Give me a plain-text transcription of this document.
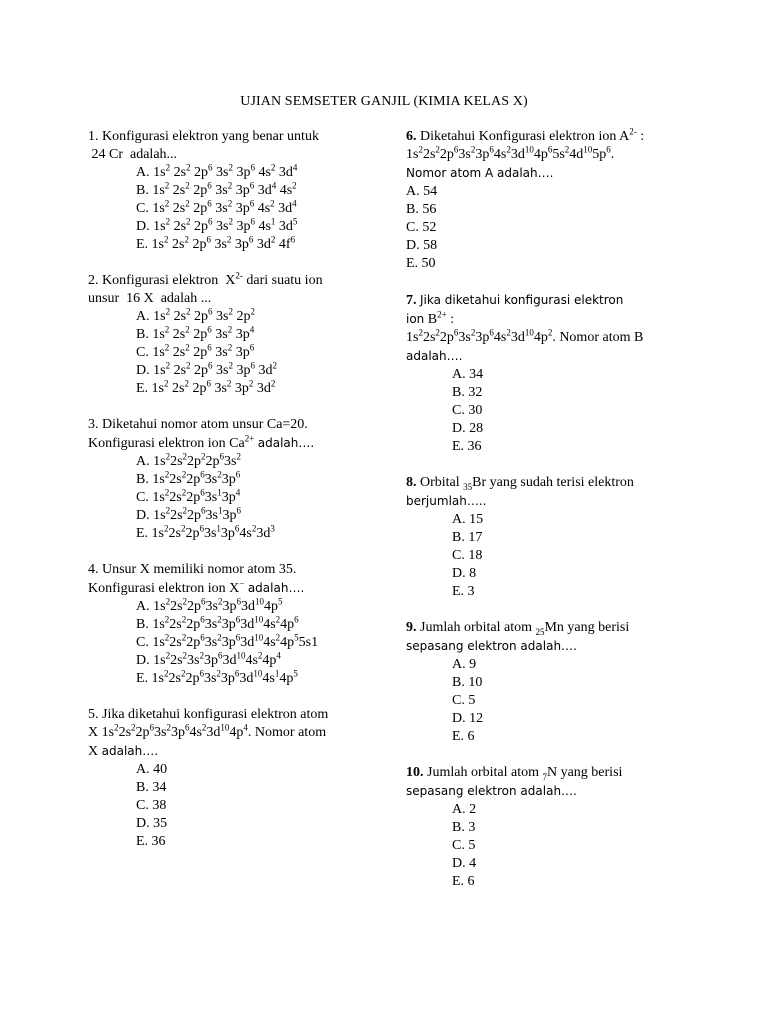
UJIAN SEMSETER GANJIL (KIMIA KELAS X)
1. Konfigurasi elektron yang benar untuk
24 Cr  adalah...
A. $1s^2$ $2s^2$ $2p^6$ $3s^2$ $3p^6$ $4s^2$ $3d^4$
B. $1s^2$ $2s^2$ $2p^6$ $3s^2$ $3p^6$ $3d^4$ $4s^2$
C. $1s^2$ $2s^2$ $2p^6$ $3s^2$ $3p^6$ $4s^2$ $3d^4$
D. $1s^2$ $2s^2$ $2p^6$ $3s^2$ $3p^6$ $4s^1$ $3d^5$
E. $1s^2$ $2s^2$ $2p^6$ $3s^2$ $3p^6$ $3d^2$ $4f^6$
2. Konfigurasi elektron  $X^{2-}$ dari suatu ion
unsur  16 X  adalah ...
A. $1s^2$ $2s^2$ $2p^6$ $3s^2$ $2p^2$
B. $1s^2$ $2s^2$ $2p^6$ $3s^2$ $3p^4$
C. $1s^2$ $2s^2$ $2p^6$ $3s^2$ $3p^6$
D. $1s^2$ $2s^2$ $2p^6$ $3s^2$ $3p^6$ $3d^2$
E. $1s^2$ $2s^2$ $2p^6$ $3s^2$ $3p^2$ $3d^2$
3. Diketahui nomor atom unsur Ca=20.
Konfigurasi elektron ion $Ca^{2+}$ adalah….
A. $1s^22s^22p^22p^63s^2$
B. $1s^22s^22p^63s^23p^6$
C. $1s^22s^22p^63s^13p^4$
D. $1s^22s^22p^63s^13p^6$
E. $1s^22s^22p^63s^13p^64s^23d^3$
4. Unsur X memiliki nomor atom 35.
Konfigurasi elektron ion X− adalah….
A. $1s^22s^22p^63s^23p^63d^{10}4p^5$
B. $1s^22s^22p^63s^23p^63d^{10}4s^24p^6$
C. $1s^22s^22p^63s^23p^63d^{10}4s^24p^55s1$
D. $1s^22s^23s^23p^63d^{10}4s^24p^4$
E. $1s^22s^22p^63s^23p^63d^{10}4s^14p^5$
5. Jika diketahui konfigurasi elektron atom
X $1s^22s^22p^63s^23p^64s^23d^{10}4p^4$. Nomor atom
X adalah….
A. 40
B. 34
C. 38
D. 35
E. 36
6. Diketahui Konfigurasi elektron ion $A^{2-}$ :
$1s^22s^22p^63s^23p^64s^23d^{10}4p^65s^24d^{10}5p^6$.
Nomor atom A adalah….
A. 54
B. 56
C. 52
D. 58
E. 50
7. Jika diketahui konfigurasi elektron
ion $B^{2+}$ :
$1s^22s^22p^63s^23p^64s^23d^{10}4p^2$. Nomor atom B
adalah….
A. 34
B. 32
C. 30
D. 28
E. 36
8. Orbital $_{35}$Br yang sudah terisi elektron
berjumlah…..
A. 15
B. 17
C. 18
D. 8
E. 3
9. Jumlah orbital atom $_{25}$Mn yang berisi
sepasang elektron adalah….
A. 9
B. 10
C. 5
D. 12
E. 6
10. Jumlah orbital atom $_7$N yang berisi
sepasang elektron adalah….
A. 2
B. 3
C. 5
D. 4
E. 6
